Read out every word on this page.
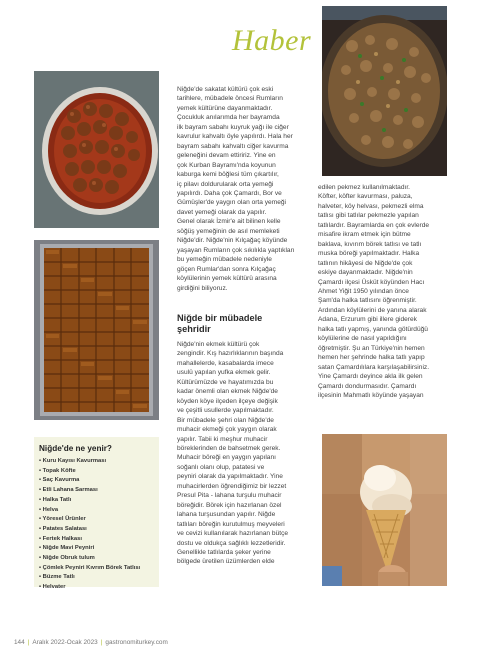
Haber

Niğde'de sakatat kültürü çok eski

tarihlere, mübadele öncesi Rumların

yemek kültürüne dayanmaktadır.

Çocukluk anılarımda her bayramda

ilk bayram sabahı kuyruk yağı ile ciğer

kavrulur kahvaltı öyle yapılırdı. Hala her

bayram sabahı kahvaltı ciğer kavurma

geleneğini devam ettiririz. Yine en

çok Kurban Bayramı'nda koyunun

kaburga kemi böğlesi tüm çıkartılır,

iç pilavı doldurularak orta yemeği

yapılırdı. Daha çok Çamardı, Bor ve

Gümüşler'de yaygın olan orta yemeği

davet yemeği olarak da yapılır.

Genel olarak İzmir'e ait bilinen kelle

söğüş yemeğinin de asıl memleketi

Niğde'dir. Niğde'nin Kılçağaç köyünde

yaşayan Rumların çok sıkılıkla yaptıkları

bu yemeğin mübadele nedeniyle

göçen Rumlar'dan sonra Kılçağaç

köylülerinin yemek kültürü arasına

girdiğini biliyoruz.

Niğde bir mübadele
şehridir

Niğde'nin ekmek kültürü çok

zengindir. Kış hazırlıklarının başında

mahallelerde, kasabalarda imece

usulü yapılan yufka ekmek gelir.

Kültürümüzde ve hayatımızda bu

kadar önemli olan ekmek Niğde'de

köyden köye ilçeden ilçeye değişik

ve çeşitli usullerde yapılmaktadır.

Bir mübadele şehri olan Niğde'de

muhacir ekmeği çok yaygın olarak

yapılır. Tabii ki meşhur muhacir

böreklerinden de bahsetmek gerek.

Muhacir böreği en yaygın yapılanı

soğanlı olanı olup, patatesi ve

peyniri olarak da yapılmaktadır. Yine

muhacirlerden öğrendiğimiz bir lezzet

Presul Pita - lahana turşulu muhacir

böreğidir. Börek için hazırlanan özel

lahana turşusundan yapılır. Niğde

tatlıları böreğin kurutulmuş meyveleri

ve cevizi kullanılarak hazırlanan bütçe

dostu ve oldukça sağlıklı lezzetleridir.

Genellikle tatlılarda şeker yerine

bölgede üretilen üzümlerden elde

edilen pekmez kullanılmaktadır.

Köfter, köfter kavurması, paluza,

halveter, köy helvası, pekmezli elma

tatlısı gibi tatlılar pekmezle yapılan

tatlılardır. Bayramlarda en çok evlerde

misafire ikram etmek için bütme

baklava, kıvırım börek tatlısı ve tatlı

muska böreği yapılmaktadır. Halka

tatlının hikâyesi de Niğde'de çok

eskiye dayanmaktadır. Niğde'nin

Çamardı ilçesi Üsküt köyünden Hacı

Ahmet Yiğit 1950 yılından önce

Şam'da halka tatlısını öğrenmiştir.

Ardından köylülerini de yanına alarak

Adana, Erzurum gibi illere giderek

halka tatlı yapmış, yanında götürdüğü

köylülerine de nasıl yapıldığını

öğretmiştir. Şu an Türkiye'nin hemen

hemen her şehrinde halka tatlı yapıp

satan Çamardılılara karşılaşabilirsiniz.

Yine Çamardı deyince akla ilk gelen

Çamardı dondurmasıdır. Çamardı

ilçesinin Mahmatlı köyünde yaşayan

Niğde'de ne yenir?
• Kuru Kayısı Kavurması
• Topak Köfte
• Saç Kavurma
• Etli Lahana Sarması
• Halka Tatlı
• Helva
• Yöresel Ürünler
• Patates Salatası
• Fertek Halkası
• Niğde Mavi Peyniri
• Niğde Obruk tulum
• Çömlek Peyniri Kıvrım Börek Tatlısı
• Büzme Tatlı
• Helvater
144 | Aralık 2022-Ocak 2023 | gastronomiturkey.com
